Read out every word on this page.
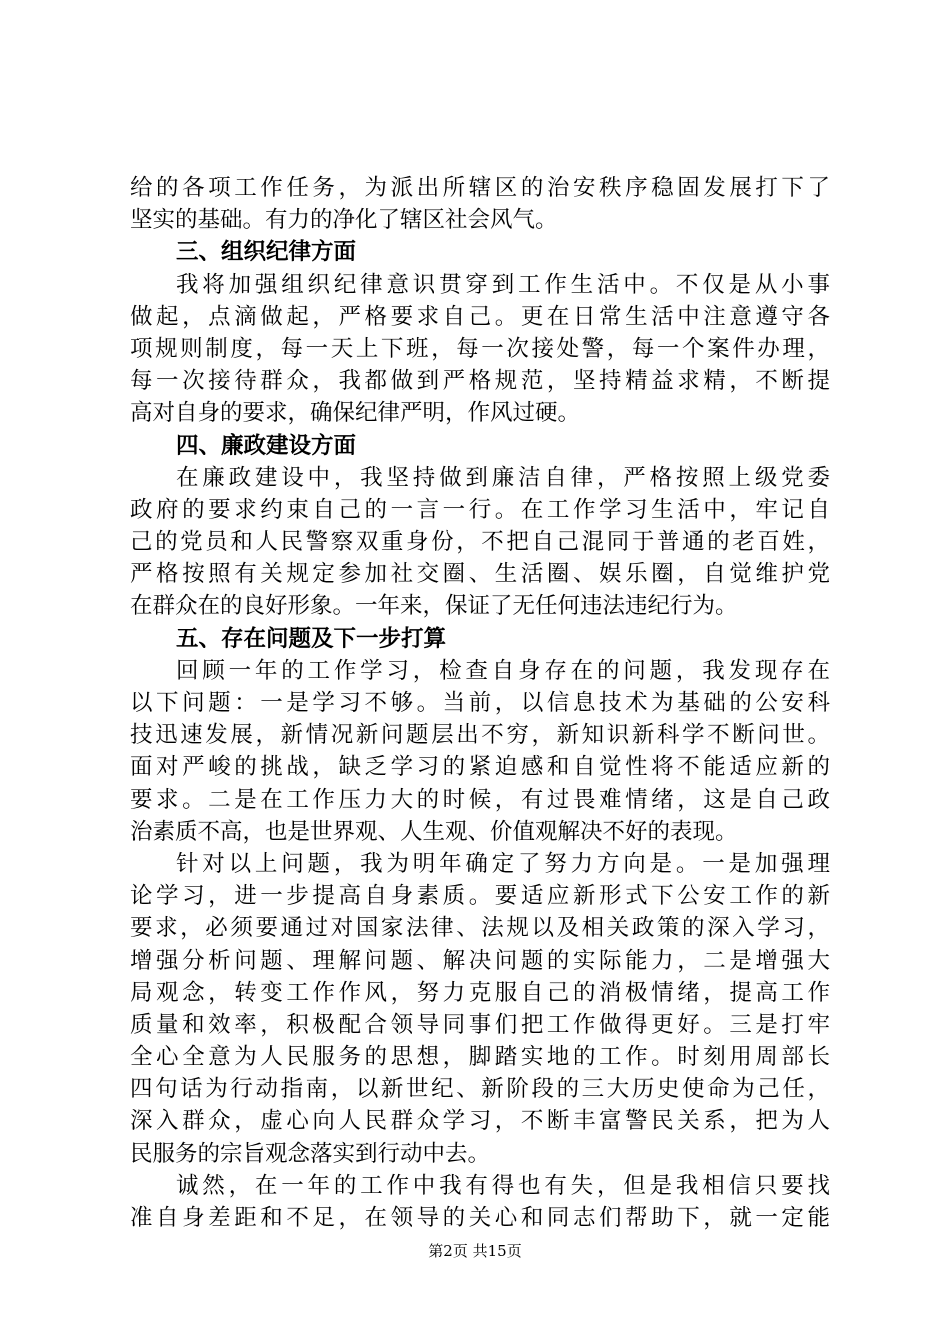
给的各项工作任务，为派出所辖区的治安秩序稳固发展打下了
坚实的基础。有力的净化了辖区社会风气。
三、组织纪律方面
我将加强组织纪律意识贯穿到工作生活中。不仅是从小事
做起，点滴做起，严格要求自己。更在日常生活中注意遵守各
项规则制度，每一天上下班，每一次接处警，每一个案件办理，
每一次接待群众，我都做到严格规范，坚持精益求精，不断提
高对自身的要求，确保纪律严明，作风过硬。
四、廉政建设方面
在廉政建设中，我坚持做到廉洁自律，严格按照上级党委
政府的要求约束自己的一言一行。在工作学习生活中，牢记自
己的党员和人民警察双重身份，不把自己混同于普通的老百姓，
严格按照有关规定参加社交圈、生活圈、娱乐圈，自觉维护党
在群众在的良好形象。一年来，保证了无任何违法违纪行为。
五、存在问题及下一步打算
回顾一年的工作学习，检查自身存在的问题，我发现存在
以下问题：一是学习不够。当前，以信息技术为基础的公安科
技迅速发展，新情况新问题层出不穷，新知识新科学不断问世。
面对严峻的挑战，缺乏学习的紧迫感和自觉性将不能适应新的
要求。二是在工作压力大的时候，有过畏难情绪，这是自己政
治素质不高，也是世界观、人生观、价值观解决不好的表现。
针对以上问题，我为明年确定了努力方向是。一是加强理
论学习，进一步提高自身素质。要适应新形式下公安工作的新
要求，必须要通过对国家法律、法规以及相关政策的深入学习，
增强分析问题、理解问题、解决问题的实际能力，二是增强大
局观念，转变工作作风，努力克服自己的消极情绪，提高工作
质量和效率，积极配合领导同事们把工作做得更好。三是打牢
全心全意为人民服务的思想，脚踏实地的工作。时刻用周部长
四句话为行动指南，以新世纪、新阶段的三大历史使命为己任，
深入群众，虚心向人民群众学习，不断丰富警民关系，把为人
民服务的宗旨观念落实到行动中去。
诚然，在一年的工作中我有得也有失，但是我相信只要找
准自身差距和不足，在领导的关心和同志们帮助下，就一定能
第2页 共15页
